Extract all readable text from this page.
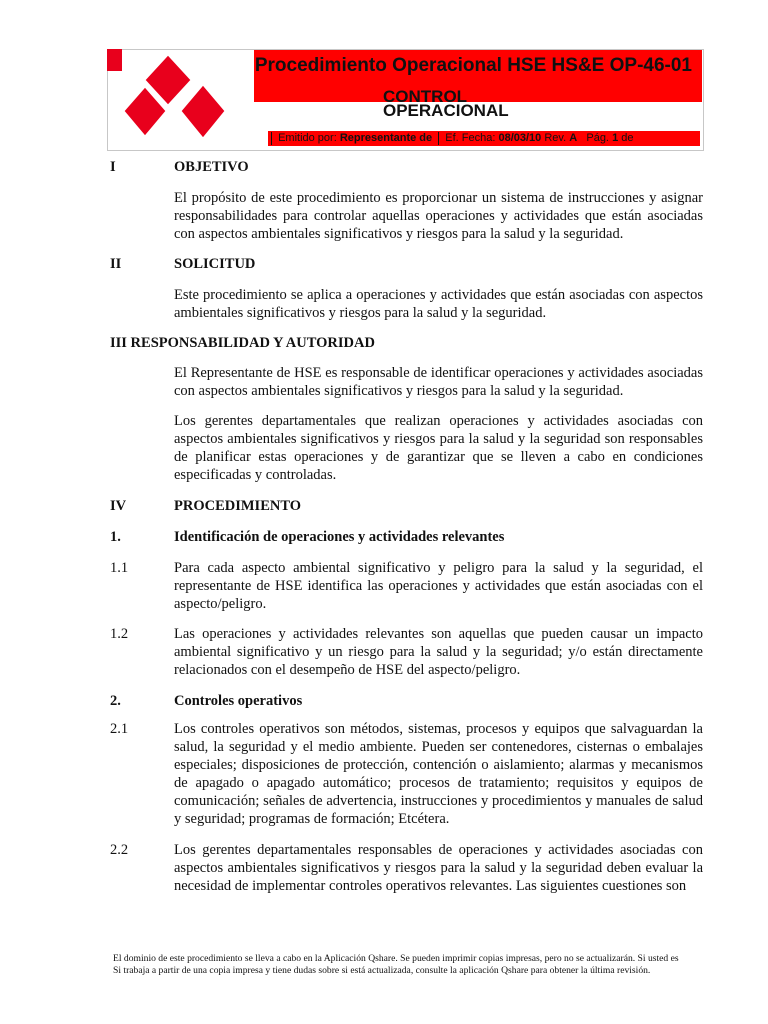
Procedimiento Operacional HSE HS&E OP-46-01
CONTROL
OPERACIONAL
Emitido por: Representante de Ef. Fecha: 08/03/10 Rev. A Pág. 1 de
I	OBJETIVO
El propósito de este procedimiento es proporcionar un sistema de instrucciones y asignar responsabilidades para controlar aquellas operaciones y actividades que están asociadas con aspectos ambientales significativos y riesgos para la salud y la seguridad.
II	SOLICITUD
Este procedimiento se aplica a operaciones y actividades que están asociadas con aspectos ambientales significativos y riesgos para la salud y la seguridad.
III RESPONSABILIDAD Y AUTORIDAD
El Representante de HSE es responsable de identificar operaciones y actividades asociadas con aspectos ambientales significativos y riesgos para la salud y la seguridad.
Los gerentes departamentales que realizan operaciones y actividades asociadas con aspectos ambientales significativos y riesgos para la salud y la seguridad son responsables de planificar estas operaciones y de garantizar que se lleven a cabo en condiciones especificadas y controladas.
IV	PROCEDIMIENTO
1.	Identificación de operaciones y actividades relevantes
1.1	Para cada aspecto ambiental significativo y peligro para la salud y la seguridad, el representante de HSE identifica las operaciones y actividades que están asociadas con el aspecto/peligro.
1.2	Las operaciones y actividades relevantes son aquellas que pueden causar un impacto ambiental significativo y un riesgo para la salud y la seguridad; y/o están directamente relacionados con el desempeño de HSE del aspecto/peligro.
2.	Controles operativos
2.1	Los controles operativos son métodos, sistemas, procesos y equipos que salvaguardan la salud, la seguridad y el medio ambiente. Pueden ser contenedores, cisternas o embalajes especiales; disposiciones de protección, contención o aislamiento; alarmas y mecanismos de apagado o apagado automático; procesos de tratamiento; requisitos y equipos de comunicación; señales de advertencia, instrucciones y procedimientos y manuales de salud y seguridad; programas de formación; Etcétera.
2.2	Los gerentes departamentales responsables de operaciones y actividades asociadas con aspectos ambientales significativos y riesgos para la salud y la seguridad deben evaluar la necesidad de implementar controles operativos relevantes. Las siguientes cuestiones son

El dominio de este procedimiento se lleva a cabo en la Aplicación Qshare. Se pueden imprimir copias impresas, pero no se actualizarán. Si usted es

Si trabaja a partir de una copia impresa y tiene dudas sobre si está actualizada, consulte la aplicación Qshare para obtener la última revisión.
